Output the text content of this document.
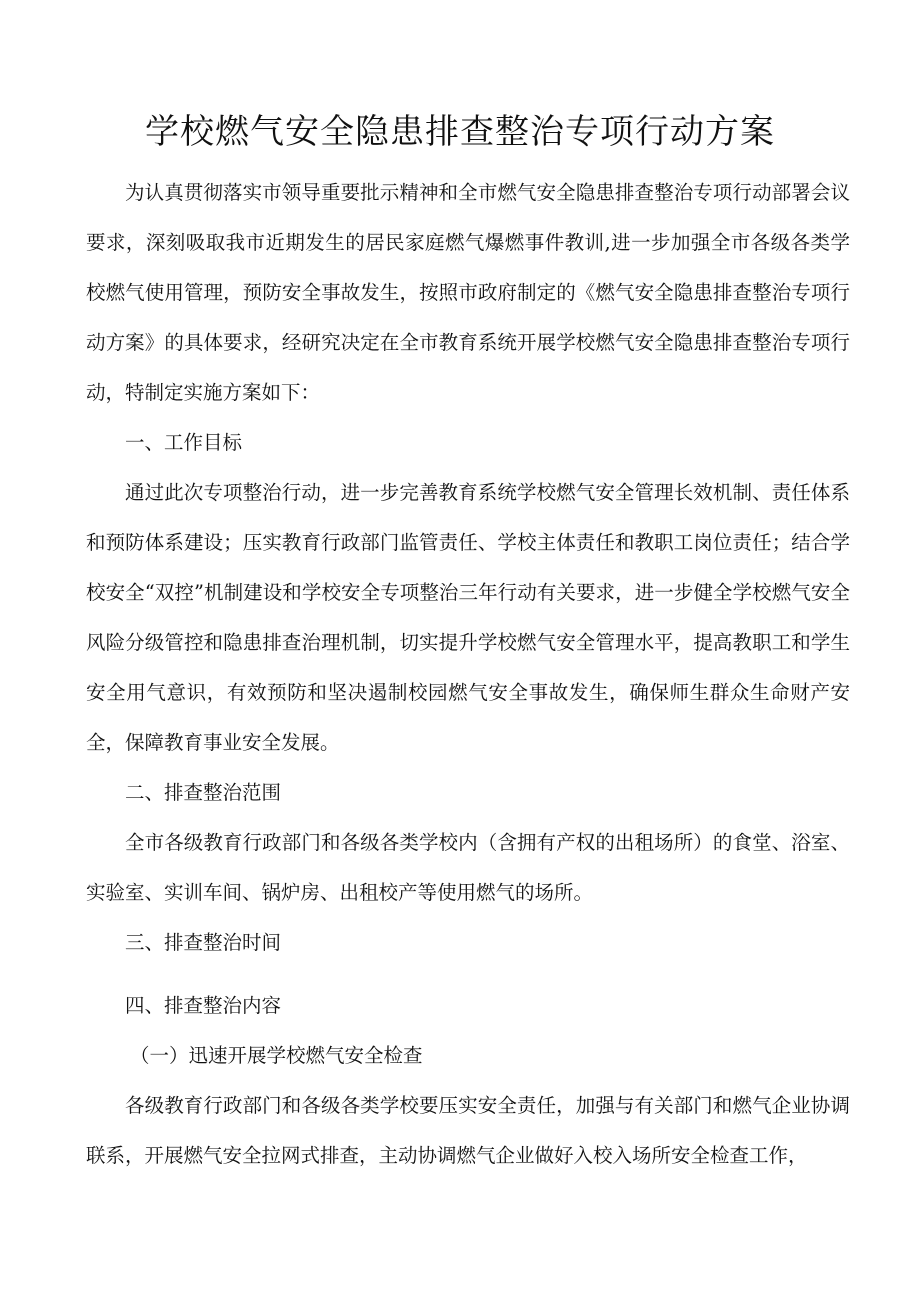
学校燃气安全隐患排查整治专项行动方案

为认真贯彻落实市领导重要批示精神和全市燃气安全隐患排查整治专项行动部署会议要求，深刻吸取我市近期发生的居民家庭燃气爆燃事件教训,进一步加强全市各级各类学校燃气使用管理，预防安全事故发生，按照市政府制定的《燃气安全隐患排查整治专项行动方案》的具体要求，经研究决定在全市教育系统开展学校燃气安全隐患排查整治专项行动，特制定实施方案如下：

一、工作目标

通过此次专项整治行动，进一步完善教育系统学校燃气安全管理长效机制、责任体系和预防体系建设；压实教育行政部门监管责任、学校主体责任和教职工岗位责任；结合学校安全“双控”机制建设和学校安全专项整治三年行动有关要求，进一步健全学校燃气安全风险分级管控和隐患排查治理机制，切实提升学校燃气安全管理水平，提高教职工和学生安全用气意识，有效预防和坚决遏制校园燃气安全事故发生，确保师生群众生命财产安全，保障教育事业安全发展。

二、排查整治范围

全市各级教育行政部门和各级各类学校内（含拥有产权的出租场所）的食堂、浴室、实验室、实训车间、锅炉房、出租校产等使用燃气的场所。

三、排查整治时间

四、排查整治内容

（一）迅速开展学校燃气安全检查

各级教育行政部门和各级各类学校要压实安全责任，加强与有关部门和燃气企业协调联系，开展燃气安全拉网式排查，主动协调燃气企业做好入校入场所安全检查工作，
